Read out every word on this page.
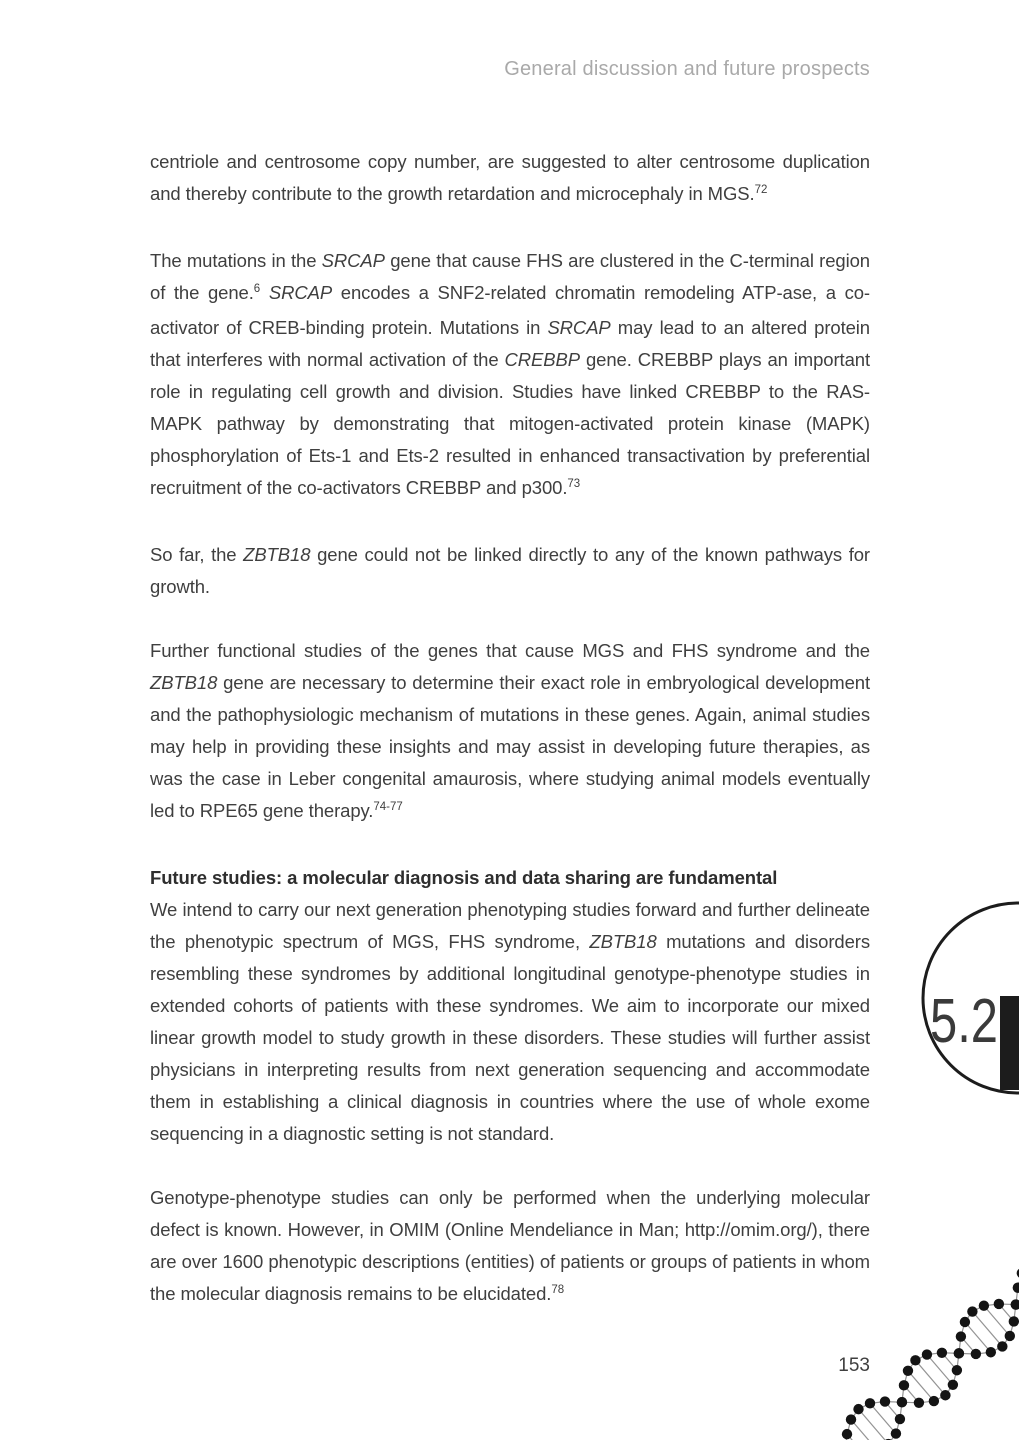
General discussion and future prospects

centriole and centrosome copy number, are suggested to alter centrosome duplication and thereby contribute to the growth retardation and microcephaly in MGS.$^{72}$

The mutations in the SRCAP gene that cause FHS are clustered in the C-terminal region of the gene.$^6$ SRCAP encodes a SNF2-related chromatin remodeling ATP-ase, a co-activator of CREB-binding protein. Mutations in SRCAP may lead to an altered protein that interferes with normal activation of the CREBBP gene. CREBBP plays an important role in regulating cell growth and division. Studies have linked CREBBP to the RAS-MAPK pathway by demonstrating that mitogen-activated protein kinase (MAPK) phosphorylation of Ets-1 and Ets-2 resulted in enhanced transactivation by preferential recruitment of the co-activators CREBBP and p300.73

So far, the ZBTB18 gene could not be linked directly to any of the known pathways for growth.

Further functional studies of the genes that cause MGS and FHS syndrome and the ZBTB18 gene are necessary to determine their exact role in embryological development and the pathophysiologic mechanism of mutations in these genes. Again, animal studies may help in providing these insights and may assist in developing future therapies, as was the case in Leber congenital amaurosis, where studying animal models eventually led to RPE65 gene therapy.$^{74-77}$

Future studies: a molecular diagnosis and data sharing are fundamental

We intend to carry our next generation phenotyping studies forward and further delineate the phenotypic spectrum of MGS, FHS syndrome, ZBTB18 mutations and disorders resembling these syndromes by additional longitudinal genotype-phenotype studies in extended cohorts of patients with these syndromes. We aim to incorporate our mixed linear growth model to study growth in these disorders. These studies will further assist physicians in interpreting results from next generation sequencing and accommodate them in establishing a clinical diagnosis in countries where the use of whole exome sequencing in a diagnostic setting is not standard.

Genotype-phenotype studies can only be performed when the underlying molecular defect is known. However, in OMIM (Online Mendeliance in Man; http://omim.org/), there are over 1600 phenotypic descriptions (entities) of patients or groups of patients in whom the molecular diagnosis remains to be elucidated.$^{78}$

5.2
153
